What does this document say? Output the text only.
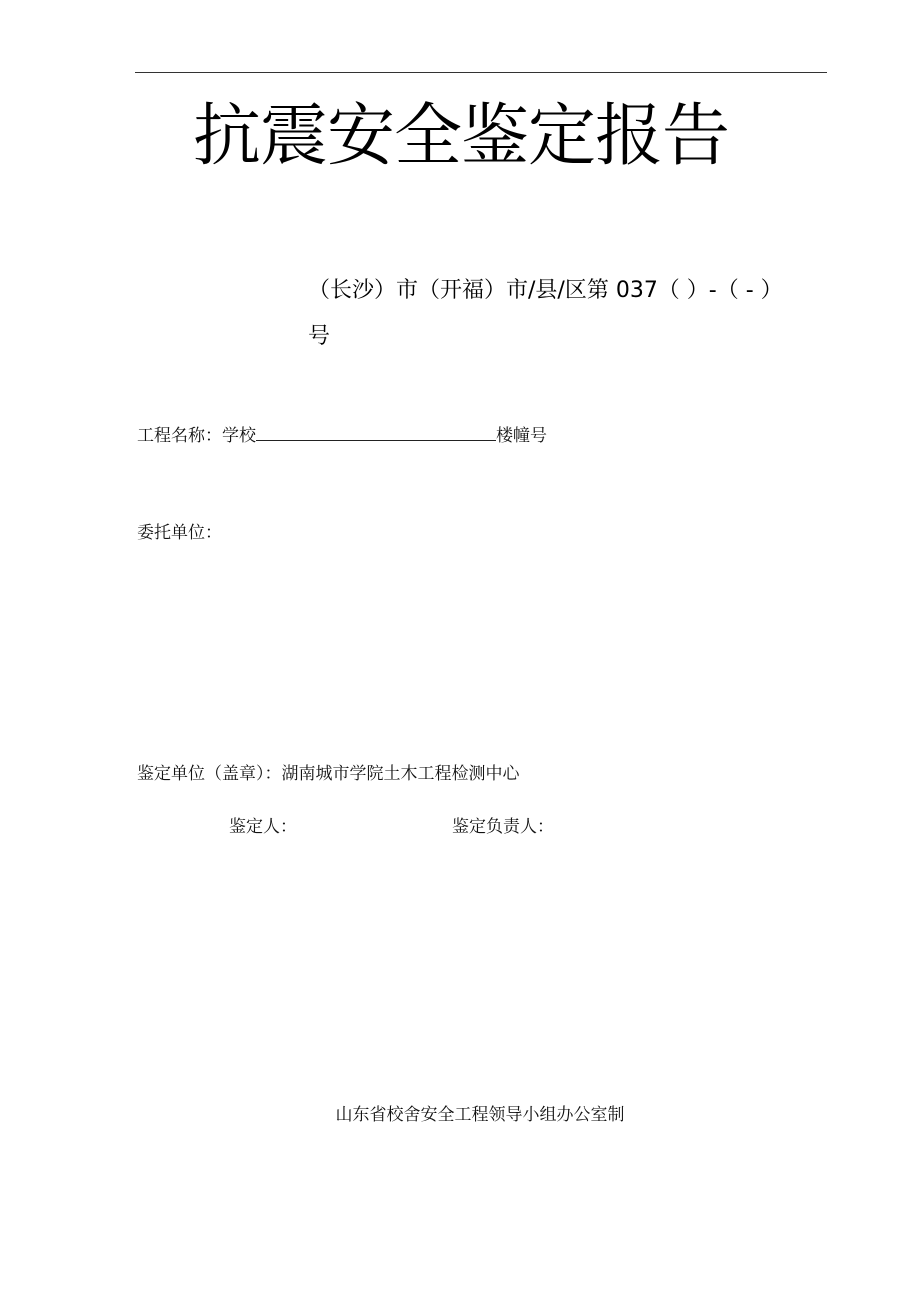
抗震安全鉴定报告
（长沙）市（开福）市/县/区第 037（ ）-（ - ）
号
工程名称：学校	楼幢号
委托单位：
鉴定单位（盖章）：湖南城市学院土木工程检测中心
鉴定人：	鉴定负责人：
山东省校舍安全工程领导小组办公室制
